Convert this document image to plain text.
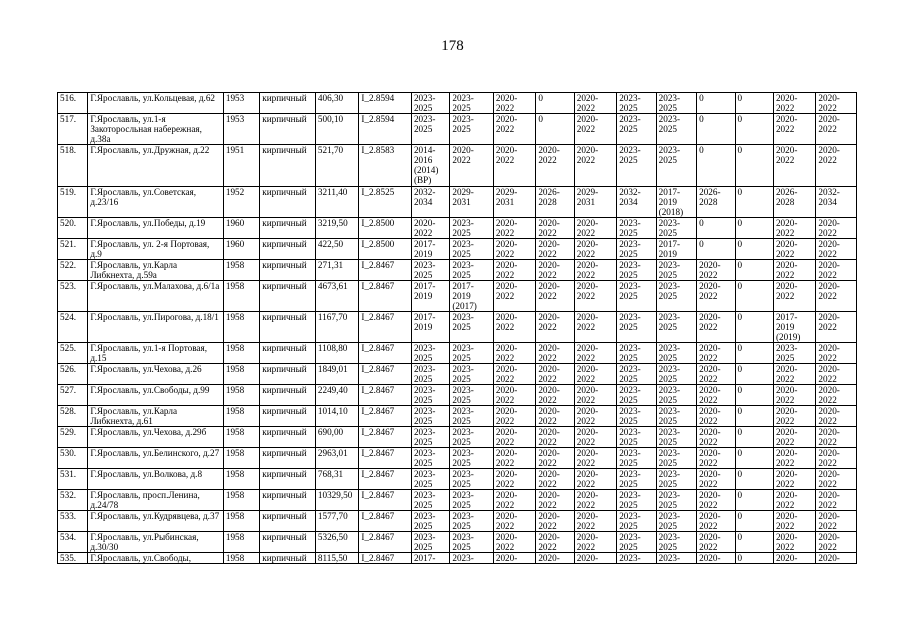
178
516.	Г.Ярославль, ул.Кольцевая, д.62	1953	кирпичный	406,30	I_2.8594	2023-
2025	2023-
2025	2020-
2022	0	2020-
2022	2023-
2025	2023-
2025	0	0	2020-
2022	2020-
2022
517.	Г.Ярославль, ул.1-я Закоторосльная набережная, д.38а	1953	кирпичный	500,10	I_2.8594	2023-
2025	2023-
2025	2020-
2022	0	2020-
2022	2023-
2025	2023-
2025	0	0	2020-
2022	2020-
2022
518.	Г.Ярославль, ул.Дружная, д.22	1951	кирпичный	521,70	I_2.8583	2014-
2016
(2014)
(ВР)	2020-
2022	2020-
2022	2020-
2022	2020-
2022	2023-
2025	2023-
2025	0	0	2020-
2022	2020-
2022
519.	Г.Ярославль, ул.Советская, д.23/16	1952	кирпичный	3211,40	I_2.8525	2032-
2034	2029-
2031	2029-
2031	2026-
2028	2029-
2031	2032-
2034	2017-
2019
(2018)	2026-
2028	0	2026-
2028	2032-
2034
520.	Г.Ярославль, ул.Победы, д.19	1960	кирпичный	3219,50	I_2.8500	2020-
2022	2023-
2025	2020-
2022	2020-
2022	2020-
2022	2023-
2025	2023-
2025	0	0	2020-
2022	2020-
2022
521.	Г.Ярославль, ул. 2-я Портовая, д.9	1960	кирпичный	422,50	I_2.8500	2017-
2019	2023-
2025	2020-
2022	2020-
2022	2020-
2022	2023-
2025	2017-
2019	0	0	2020-
2022	2020-
2022
522.	Г.Ярославль, ул.Карла Либкнехта, д.59а	1958	кирпичный	271,31	I_2.8467	2023-
2025	2023-
2025	2020-
2022	2020-
2022	2020-
2022	2023-
2025	2023-
2025	2020-
2022	0	2020-
2022	2020-
2022
523.	Г.Ярославль, ул.Малахова, д.6/1а	1958	кирпичный	4673,61	I_2.8467	2017-
2019	2017-
2019
(2017)	2020-
2022	2020-
2022	2020-
2022	2023-
2025	2023-
2025	2020-
2022	0	2020-
2022	2020-
2022
524.	Г.Ярославль, ул.Пирогова, д.18/1	1958	кирпичный	1167,70	I_2.8467	2017-
2019	2023-
2025	2020-
2022	2020-
2022	2020-
2022	2023-
2025	2023-
2025	2020-
2022	0	2017-
2019
(2019)	2020-
2022
525.	Г.Ярославль, ул.1-я Портовая, д.15	1958	кирпичный	1108,80	I_2.8467	2023-
2025	2023-
2025	2020-
2022	2020-
2022	2020-
2022	2023-
2025	2023-
2025	2020-
2022	0	2023-
2025	2020-
2022
526.	Г.Ярославль, ул.Чехова, д.26	1958	кирпичный	1849,01	I_2.8467	2023-
2025	2023-
2025	2020-
2022	2020-
2022	2020-
2022	2023-
2025	2023-
2025	2020-
2022	0	2020-
2022	2020-
2022
527.	Г.Ярославль, ул.Свободы, д.99	1958	кирпичный	2249,40	I_2.8467	2023-
2025	2023-
2025	2020-
2022	2020-
2022	2020-
2022	2023-
2025	2023-
2025	2020-
2022	0	2020-
2022	2020-
2022
528.	Г.Ярославль, ул.Карла Либкнехта, д.61	1958	кирпичный	1014,10	I_2.8467	2023-
2025	2023-
2025	2020-
2022	2020-
2022	2020-
2022	2023-
2025	2023-
2025	2020-
2022	0	2020-
2022	2020-
2022
529.	Г.Ярославль, ул.Чехова, д.29б	1958	кирпичный	690,00	I_2.8467	2023-
2025	2023-
2025	2020-
2022	2020-
2022	2020-
2022	2023-
2025	2023-
2025	2020-
2022	0	2020-
2022	2020-
2022
530.	Г.Ярославль, ул.Белинского, д.27	1958	кирпичный	2963,01	I_2.8467	2023-
2025	2023-
2025	2020-
2022	2020-
2022	2020-
2022	2023-
2025	2023-
2025	2020-
2022	0	2020-
2022	2020-
2022
531.	Г.Ярославль, ул.Волкова, д.8	1958	кирпичный	768,31	I_2.8467	2023-
2025	2023-
2025	2020-
2022	2020-
2022	2020-
2022	2023-
2025	2023-
2025	2020-
2022	0	2020-
2022	2020-
2022
532.	Г.Ярославль, просп.Ленина, д.24/78	1958	кирпичный	10329,50	I_2.8467	2023-
2025	2023-
2025	2020-
2022	2020-
2022	2020-
2022	2023-
2025	2023-
2025	2020-
2022	0	2020-
2022	2020-
2022
533.	Г.Ярославль, ул.Кудрявцева, д.37	1958	кирпичный	1577,70	I_2.8467	2023-
2025	2023-
2025	2020-
2022	2020-
2022	2020-
2022	2023-
2025	2023-
2025	2020-
2022	0	2020-
2022	2020-
2022
534.	Г.Ярославль, ул.Рыбинская, д.30/30	1958	кирпичный	5326,50	I_2.8467	2023-
2025	2023-
2025	2020-
2022	2020-
2022	2020-
2022	2023-
2025	2023-
2025	2020-
2022	0	2020-
2022	2020-
2022
535.	Г.Ярославль, ул.Свободы,	1958	кирпичный	8115,50	I_2.8467	2017-	2023-	2020-	2020-	2020-	2023-	2023-	2020-	0	2020-	2020-
